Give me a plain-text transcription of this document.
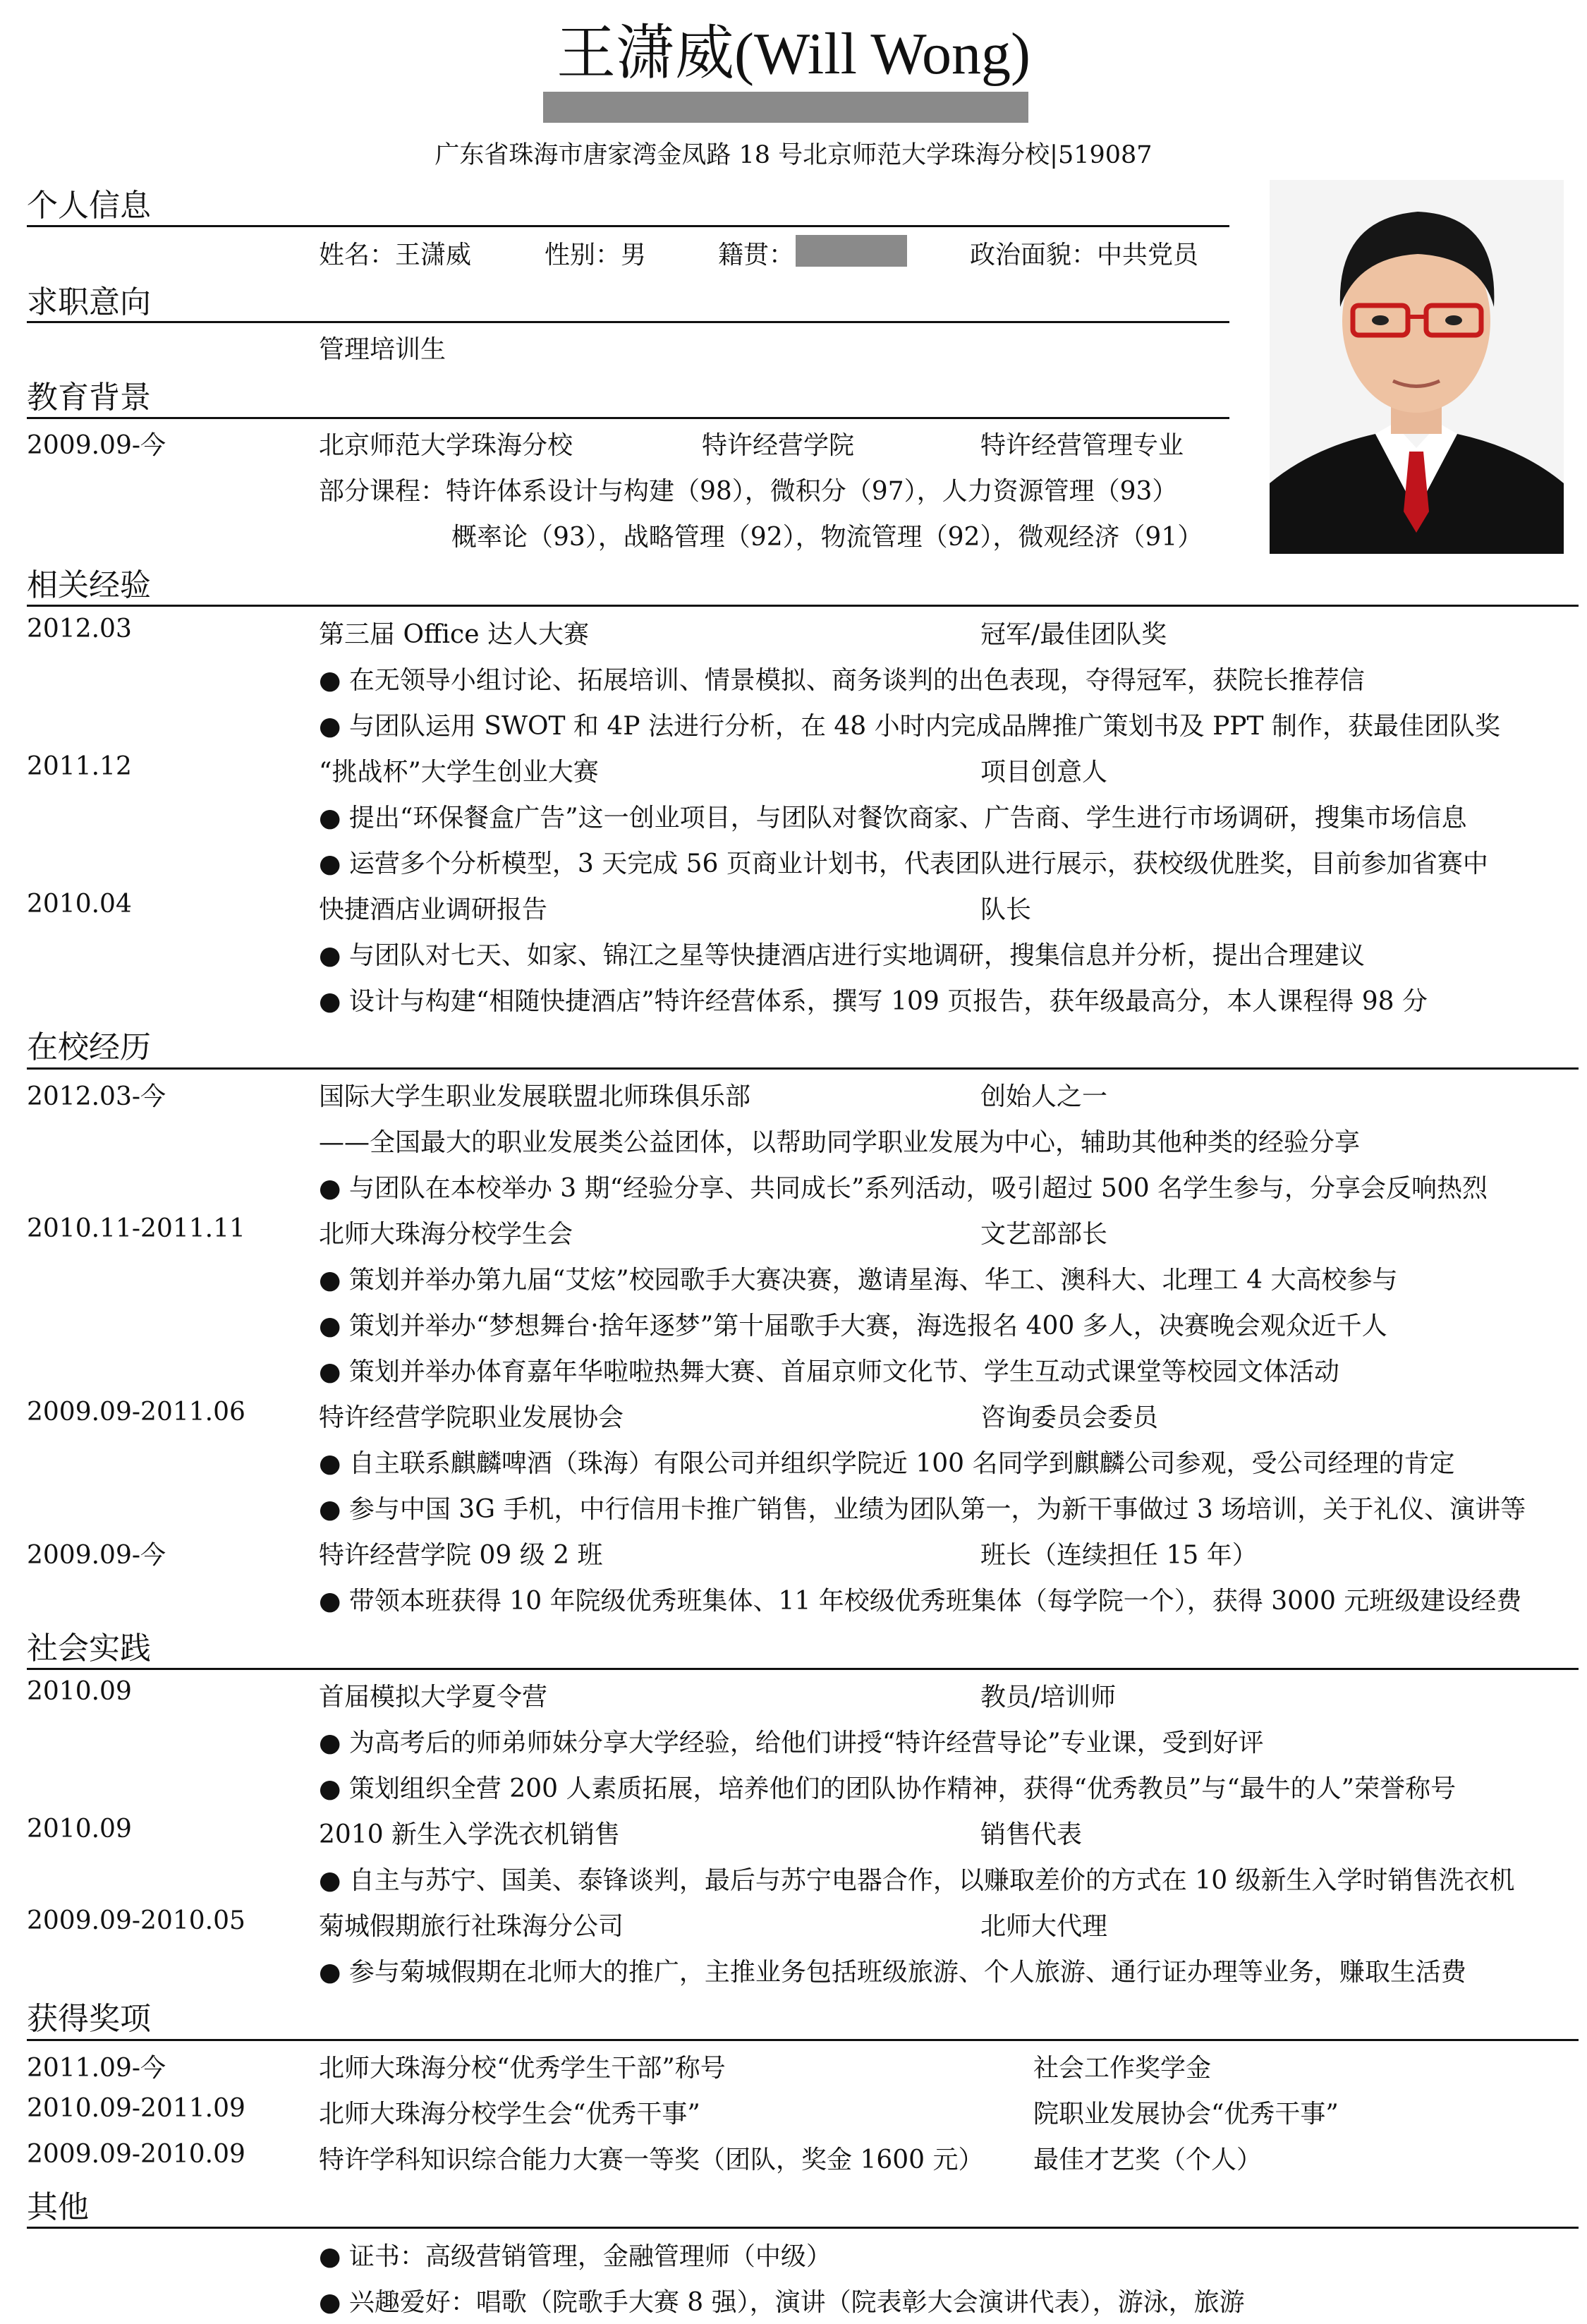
王潇威(Will Wong)
广东省珠海市唐家湾金凤路 18 号北京师范大学珠海分校|519087
个人信息
姓名：王潇威	性别：男	籍贯：	政治面貌：中共党员
求职意向
管理培训生
教育背景
2009.09-今	北京师范大学珠海分校	特许经营学院	特许经营管理专业
部分课程：特许体系设计与构建（98），微积分（97），人力资源管理（93）
概率论（93），战略管理（92），物流管理（92），微观经济（91）
相关经验
2012.03	第三届 Office 达人大赛	冠军/最佳团队奖
● 在无领导小组讨论、拓展培训、情景模拟、商务谈判的出色表现，夺得冠军，获院长推荐信
● 与团队运用 SWOT 和 4P 法进行分析，在 48 小时内完成品牌推广策划书及 PPT 制作，获最佳团队奖
2011.12	“挑战杯”大学生创业大赛	项目创意人
● 提出“环保餐盒广告”这一创业项目，与团队对餐饮商家、广告商、学生进行市场调研，搜集市场信息
● 运营多个分析模型，3 天完成 56 页商业计划书，代表团队进行展示，获校级优胜奖，目前参加省赛中
2010.04	快捷酒店业调研报告	队长
● 与团队对七天、如家、锦江之星等快捷酒店进行实地调研，搜集信息并分析，提出合理建议
● 设计与构建“相随快捷酒店”特许经营体系，撰写 109 页报告，获年级最高分，本人课程得 98 分
在校经历
2012.03-今	国际大学生职业发展联盟北师珠俱乐部	创始人之一
——全国最大的职业发展类公益团体，以帮助同学职业发展为中心，辅助其他种类的经验分享
● 与团队在本校举办 3 期“经验分享、共同成长”系列活动，吸引超过 500 名学生参与，分享会反响热烈
2010.11-2011.11	北师大珠海分校学生会	文艺部部长
● 策划并举办第九届“艾炫”校园歌手大赛决赛，邀请星海、华工、澳科大、北理工 4 大高校参与
● 策划并举办“梦想舞台·捨年逐梦”第十届歌手大赛，海选报名 400 多人，决赛晚会观众近千人
● 策划并举办体育嘉年华啦啦热舞大赛、首届京师文化节、学生互动式课堂等校园文体活动
2009.09-2011.06	特许经营学院职业发展协会	咨询委员会委员
● 自主联系麒麟啤酒（珠海）有限公司并组织学院近 100 名同学到麒麟公司参观，受公司经理的肯定
● 参与中国 3G 手机，中行信用卡推广销售，业绩为团队第一，为新干事做过 3 场培训，关于礼仪、演讲等
2009.09-今	特许经营学院 09 级 2 班	班长（连续担任 15 年）
● 带领本班获得 10 年院级优秀班集体、11 年校级优秀班集体（每学院一个），获得 3000 元班级建设经费
社会实践
2010.09	首届模拟大学夏令营	教员/培训师
● 为高考后的师弟师妹分享大学经验，给他们讲授“特许经营导论”专业课，受到好评
● 策划组织全营 200 人素质拓展，培养他们的团队协作精神，获得“优秀教员”与“最牛的人”荣誉称号
2010.09	2010 新生入学洗衣机销售	销售代表
● 自主与苏宁、国美、泰锋谈判，最后与苏宁电器合作，以赚取差价的方式在 10 级新生入学时销售洗衣机
2009.09-2010.05	菊城假期旅行社珠海分公司	北师大代理
● 参与菊城假期在北师大的推广，主推业务包括班级旅游、个人旅游、通行证办理等业务，赚取生活费
获得奖项
2011.09-今	北师大珠海分校“优秀学生干部”称号	社会工作奖学金
2010.09-2011.09	北师大珠海分校学生会“优秀干事”	院职业发展协会“优秀干事”
2009.09-2010.09	特许学科知识综合能力大赛一等奖（团队，奖金 1600 元） 最佳才艺奖（个人）
其他
● 证书：高级营销管理，金融管理师（中级）
● 兴趣爱好：唱歌（院歌手大赛 8 强），演讲（院表彰大会演讲代表），游泳，旅游
